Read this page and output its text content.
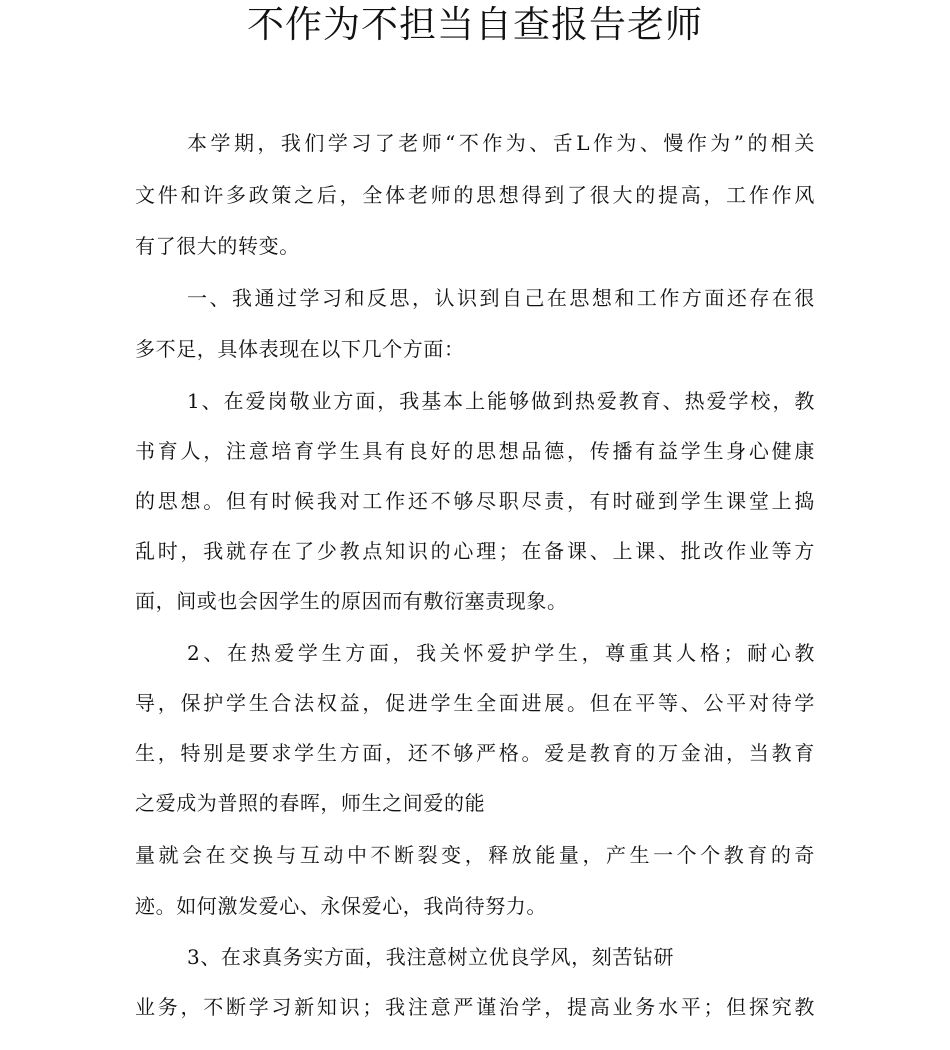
不作为不担当自查报告老师
本学期，我们学习了老师“不作为、舌L作为、慢作为”的相关
文件和许多政策之后，全体老师的思想得到了很大的提高，工作作风
有了很大的转变。
一、我通过学习和反思，认识到自己在思想和工作方面还存在很
多不足，具体表现在以下几个方面：
1、在爱岗敬业方面，我基本上能够做到热爱教育、热爱学校，教
书育人，注意培育学生具有良好的思想品德，传播有益学生身心健康
的思想。但有时候我对工作还不够尽职尽责，有时碰到学生课堂上捣
乱时，我就存在了少教点知识的心理；在备课、上课、批改作业等方
面，间或也会因学生的原因而有敷衍塞责现象。
2、在热爱学生方面，我关怀爱护学生，尊重其人格；耐心教
导，保护学生合法权益，促进学生全面进展。但在平等、公平对待学
生，特别是要求学生方面，还不够严格。爱是教育的万金油，当教育
之爱成为普照的春晖，师生之间爱的能
量就会在交换与互动中不断裂变，释放能量，产生一个个教育的奇
迹。如何激发爱心、永保爱心，我尚待努力。
3、在求真务实方面，我注意树立优良学风，刻苦钻研
业务，不断学习新知识；我注意严谨治学，提高业务水平；但探究教
